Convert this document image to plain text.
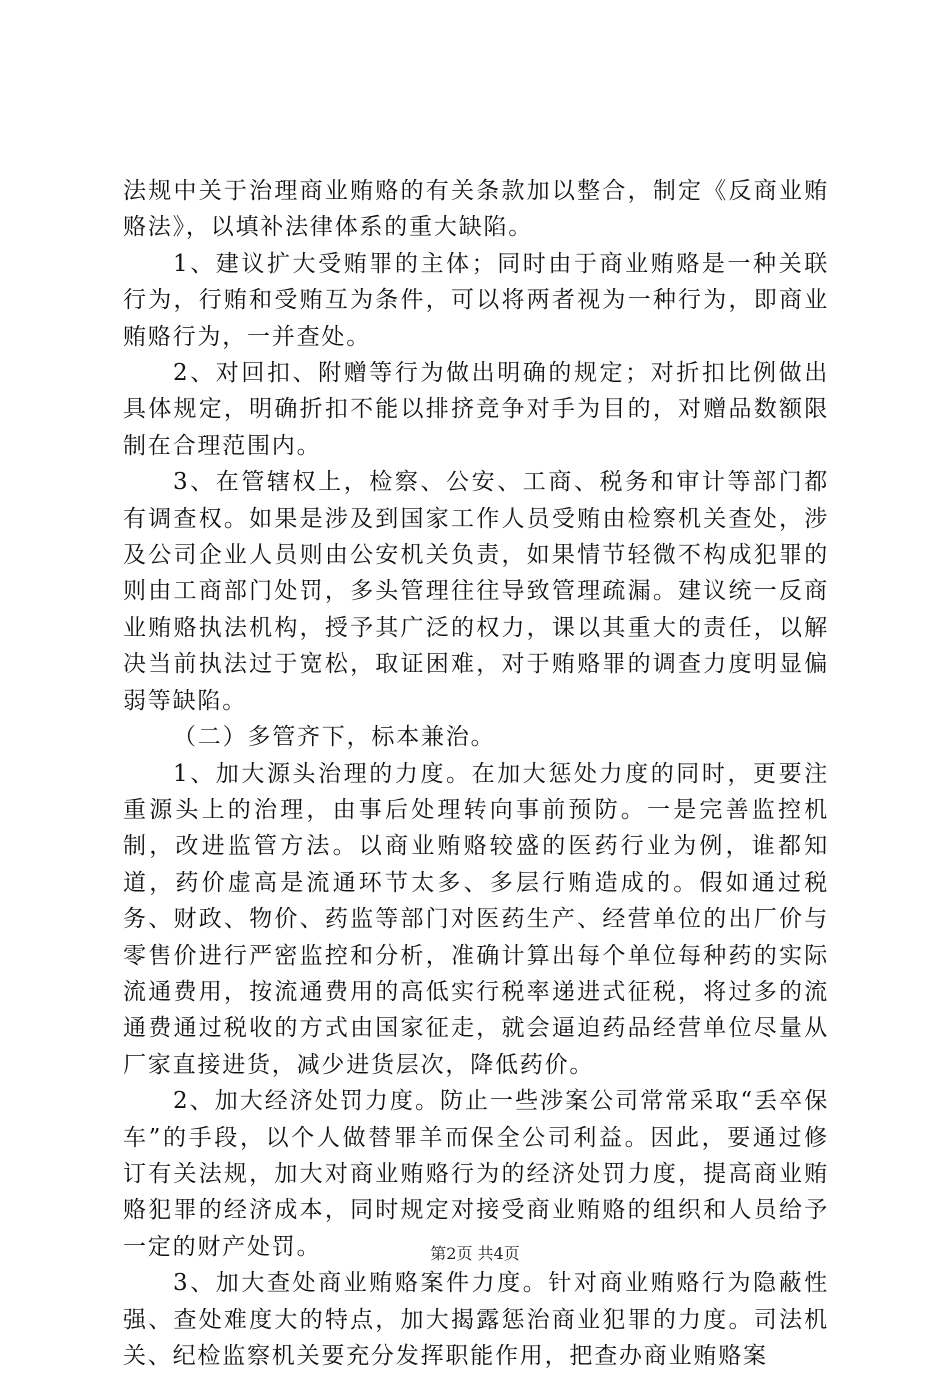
法规中关于治理商业贿赂的有关条款加以整合，制定《反商业贿赂法》，以填补法律体系的重大缺陷。

1、建议扩大受贿罪的主体；同时由于商业贿赂是一种关联行为，行贿和受贿互为条件，可以将两者视为一种行为，即商业贿赂行为，一并查处。

2、对回扣、附赠等行为做出明确的规定；对折扣比例做出具体规定，明确折扣不能以排挤竞争对手为目的，对赠品数额限制在合理范围内。

3、在管辖权上，检察、公安、工商、税务和审计等部门都有调查权。如果是涉及到国家工作人员受贿由检察机关查处，涉及公司企业人员则由公安机关负责，如果情节轻微不构成犯罪的则由工商部门处罚，多头管理往往导致管理疏漏。建议统一反商业贿赂执法机构，授予其广泛的权力，课以其重大的责任，以解决当前执法过于宽松，取证困难，对于贿赂罪的调查力度明显偏弱等缺陷。

（二）多管齐下，标本兼治。

1、加大源头治理的力度。在加大惩处力度的同时，更要注重源头上的治理，由事后处理转向事前预防。一是完善监控机制，改进监管方法。以商业贿赂较盛的医药行业为例，谁都知道，药价虚高是流通环节太多、多层行贿造成的。假如通过税务、财政、物价、药监等部门对医药生产、经营单位的出厂价与零售价进行严密监控和分析，准确计算出每个单位每种药的实际流通费用，按流通费用的高低实行税率递进式征税，将过多的流通费通过税收的方式由国家征走，就会逼迫药品经营单位尽量从厂家直接进货，减少进货层次，降低药价。

2、加大经济处罚力度。防止一些涉案公司常常采取“丢卒保车”的手段，以个人做替罪羊而保全公司利益。因此，要通过修订有关法规，加大对商业贿赂行为的经济处罚力度，提高商业贿赂犯罪的经济成本，同时规定对接受商业贿赂的组织和人员给予一定的财产处罚。

3、加大查处商业贿赂案件力度。针对商业贿赂行为隐蔽性强、查处难度大的特点，加大揭露惩治商业犯罪的力度。司法机关、纪检监察机关要充分发挥职能作用，把查办商业贿赂案

第2页 共4页
